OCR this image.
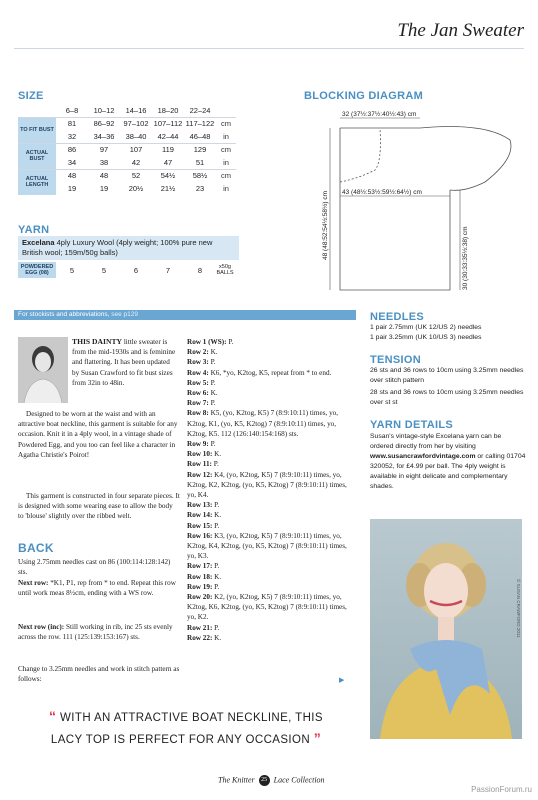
The Jan Sweater
SIZE
	6–8	10–12	14–16	18–20	22–24	
TO FIT BUST	81	86–92	97–102	107–112	117–122	cm
	32	34–36	38–40	42–44	46–48	in
ACTUAL BUST	86	97	107	119	129	cm
	34	38	42	47	51	in
ACTUAL LENGTH	48	48	52	54½	58½	cm
	19	19	20½	21½	23	in
YARN
Excelana 4ply Luxury Wool (4ply weight; 100% pure new British wool; 159m/50g balls)
POWDERED EGG (08)	5	5	6	7	8	x50g BALLS
BLOCKING DIAGRAM
32 (37½:37½:40½:43) cm
43 (48½:53½:59½:64½) cm
48 (48:52:54½:58½) cm	30 (30:33:35½:38) cm
For stockists and abbreviations, see p129
THIS DAINTY little sweater is from the mid-1930s and is feminine and flattering. It has been updated by Susan Crawford to fit bust sizes from 32in to 48in.
Designed to be worn at the waist and with an attractive boat neckline, this garment is suitable for any occasion. Knit it in a 4ply wool, in a vintage shade of Powdered Egg, and you too can feel like a character in Agatha Christie's Poirot!
This garment is constructed in four separate pieces. It is designed with some wearing ease to allow the body to 'blouse' slightly over the ribbed welt.
BACK
Using 2.75mm needles cast on 86 (100:114:128:142) sts.
Next row: *K1, P1, rep from * to end. Repeat this row until work meas 8½cm, ending with a WS row.
Next row (inc): Still working in rib, inc 25 sts evenly across the row. 111 (125:139:153:167) sts.
Change to 3.25mm needles and work in stitch pattern as follows:

Row 1 (WS): P.

Row 2: K.

Row 3: P.

Row 4: K6, *yo, K2tog, K5, repeat from * to end.

Row 5: P.

Row 6: K.

Row 7: P.

Row 8: K5, (yo, K2tog, K5) 7 (8:9:10:11) times, yo, K2tog, K1, (yo, K5, K2tog) 7 (8:9:10:11) times, yo, K2tog, K5. 112 (126:140:154:168) sts.

Row 9: P.

Row 10: K.

Row 11: P.

Row 12: K4, (yo, K2tog, K5) 7 (8:9:10:11) times, yo, K2tog, K2, K2tog, (yo, K5, K2tog) 7 (8:9:10:11) times, yo, K4.

Row 13: P.

Row 14: K.

Row 15: P.

Row 16: K3, (yo, K2tog, K5) 7 (8:9:10:11) times, yo, K2tog, K4, K2tog, (yo, K5, K2tog) 7 (8:9:10:11) times, yo, K3.

Row 17: P.

Row 18: K.

Row 19: P.

Row 20: K2, (yo, K2tog, K5) 7 (8:9:10:11) times, yo, K2tog, K6, K2tog, (yo, K5, K2tog) 7 (8:9:10:11) times, yo, K2.

Row 21: P.

Row 22: K.

▶
NEEDLES
1 pair 2.75mm (UK 12/US 2) needles
1 pair 3.25mm (UK 10/US 3) needles
TENSION
26 sts and 36 rows to 10cm using 3.25mm needles over stitch pattern
28 sts and 36 rows to 10cm using 3.25mm needles over st st
YARN DETAILS
Susan's vintage-style Excelana yarn can be ordered directly from her by visiting www.susancrawfordvintage.com or calling 01704 320052, for £4.99 per ball. The 4ply weight is available in eight delicate and complementary shades.
© SUSAN CRAWFORD 2011
“ WITH AN ATTRACTIVE BOAT NECKLINE, THIS
LACY TOP IS PERFECT FOR ANY OCCASION ”
The Knitter 25 Lace Collection
PassionForum.ru
